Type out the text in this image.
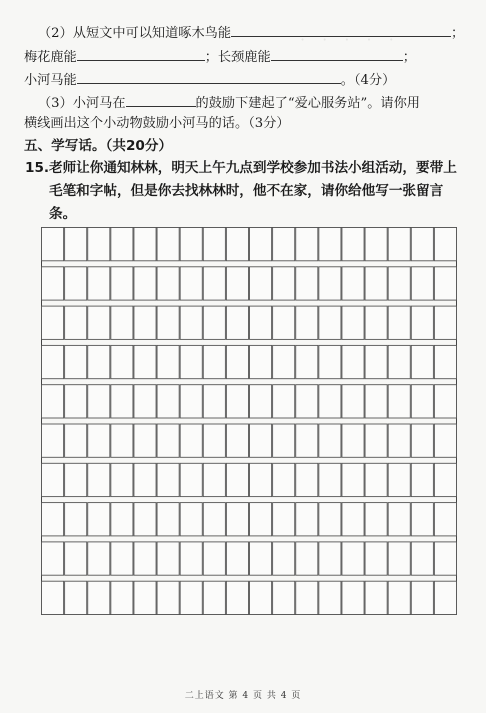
· · · · ·
（2）从短文中可以知道啄木鸟能	；
梅花鹿能	；长颈鹿能	；
小河马能	。（4分）
（3）小河马在	的鼓励下建起了“爱心服务站”。请你用
横线画出这个小动物鼓励小河马的话。（3分）
五、学写话。（共20分）
15. 老师让你通知林林，明天上午九点到学校参加书法小组活动，要带上毛笔和字帖，但是你去找林林时，他不在家，请你给他写一张留言条。
二上语文 第 4 页 共 4 页
